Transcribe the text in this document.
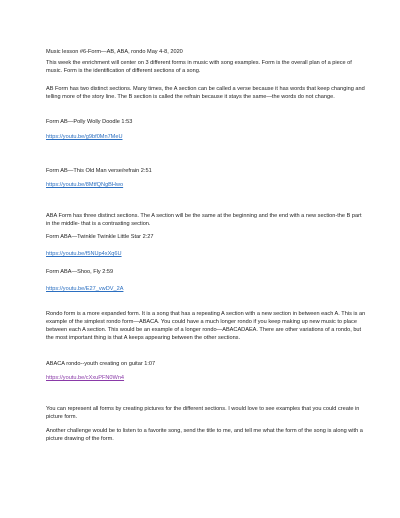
Music lesson #6-Form—AB, ABA, rondo May 4-8, 2020
This week the enrichment will center on 3 different forms in music with song examples. Form is the overall plan of a piece of music. Form is the identification of different sections of a song.
AB Form has two distinct sections. Many times, the A section can be called a verse because it has words that keep changing and telling more of the story line. The B section is called the refrain because it stays the same—the words do not change.
Form AB—Polly Wolly Doodle 1:53
https://youtu.be/g9bf0Mn7MeU
Form AB—This Old Man verse/refrain 2:51
https://youtu.be/8MtfQNgBHwo
ABA Form has three distinct sections. The A section will be the same at the beginning and the end with a new section-the B part in the middle- that is a contrasting section.
Form ABA—Twinkle Twinkle Little Star 2:27
https://youtu.be/f5NUp4xXq6U
Form ABA—Shoo, Fly 2:59
https://youtu.be/E27_vwDV_2A
Rondo form is a more expanded form. It is a song that has a repeating A section with a new section in between each A. This is an example of the simplest rondo form—ABACA. You could have a much longer rondo if you keep making up new music to place between each A section. This would be an example of a longer rondo—ABACADAEA. There are other variations of a rondo, but the most important thing is that A keeps appearing between the other sections.
ABACA rondo--youth creating on guitar 1:07
https://youtu.be/cXxuPFN0Wn4
You can represent all forms by creating pictures for the different sections. I would love to see examples that you could create in picture form.
Another challenge would be to listen to a favorite song, send the title to me, and tell me what the form of the song is along with a picture drawing of the form.
